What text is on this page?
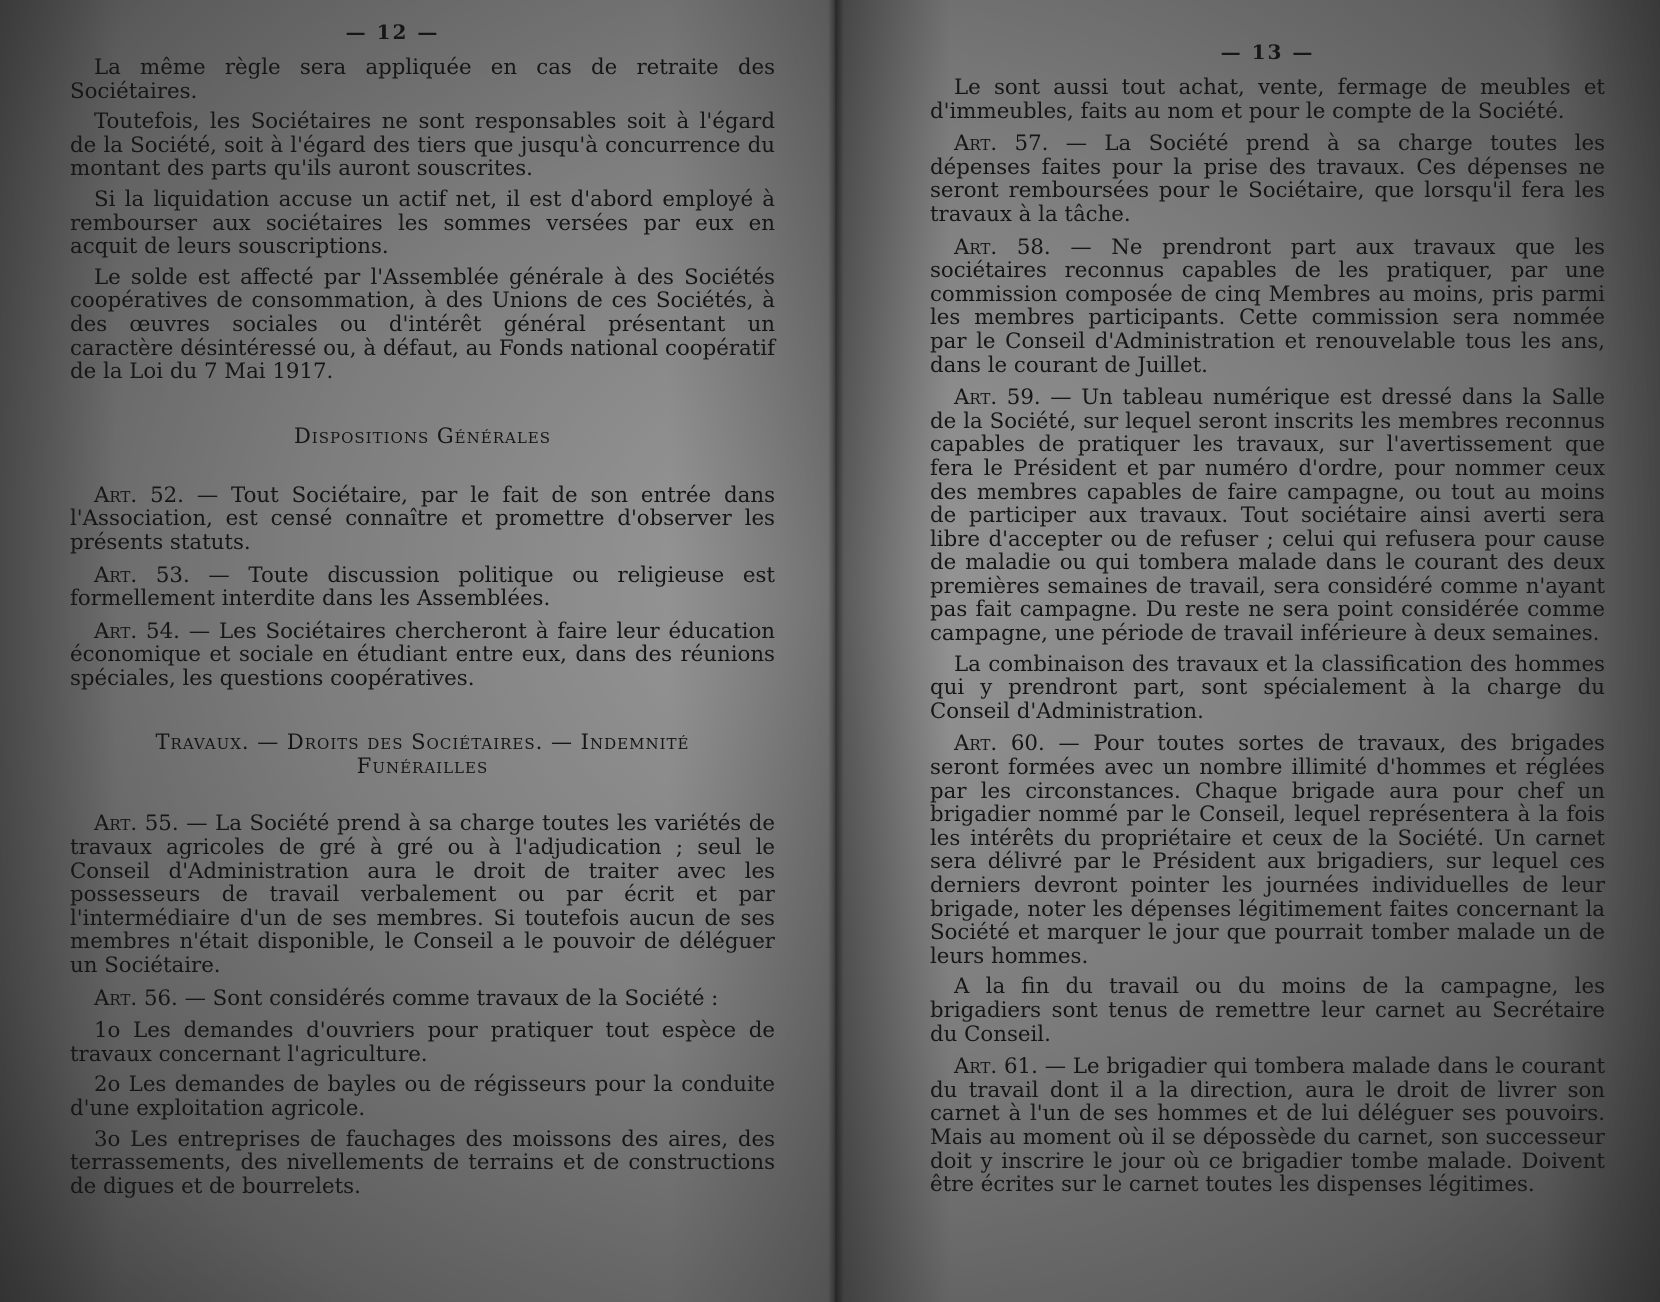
— 12 —

La même règle sera appliquée en cas de retraite des Sociétaires.

Toutefois, les Sociétaires ne sont responsables soit à l'égard de la Société, soit à l'égard des tiers que jusqu'à concurrence du montant des parts qu'ils auront souscrites.

Si la liquidation accuse un actif net, il est d'abord employé à rembourser aux sociétaires les sommes versées par eux en acquit de leurs souscriptions.

Le solde est affecté par l'Assemblée générale à des Sociétés coopératives de consommation, à des Unions de ces Sociétés, à des œuvres sociales ou d'intérêt général présentant un caractère désintéressé ou, à défaut, au Fonds national coopératif de la Loi du 7 Mai 1917.

Dispositions Générales

Art. 52. — Tout Sociétaire, par le fait de son entrée dans l'Association, est censé connaître et promettre d'observer les présents statuts.

Art. 53. — Toute discussion politique ou religieuse est formellement interdite dans les Assemblées.

Art. 54. — Les Sociétaires chercheront à faire leur éducation économique et sociale en étudiant entre eux, dans des réunions spéciales, les questions coopératives.

Travaux. — Droits des Sociétaires. — Indemnité Funérailles

Art. 55. — La Société prend à sa charge toutes les variétés de travaux agricoles de gré à gré ou à l'adjudication ; seul le Conseil d'Administration aura le droit de traiter avec les possesseurs de travail verbalement ou par écrit et par l'intermédiaire d'un de ses membres. Si toutefois aucun de ses membres n'était disponible, le Conseil a le pouvoir de déléguer un Sociétaire.

Art. 56. — Sont considérés comme travaux de la Société :

1o Les demandes d'ouvriers pour pratiquer tout espèce de travaux concernant l'agriculture.

2o Les demandes de bayles ou de régisseurs pour la conduite d'une exploitation agricole.

3o Les entreprises de fauchages des moissons des aires, des terrassements, des nivellements de terrains et de constructions de digues et de bourrelets.

— 13 —

Le sont aussi tout achat, vente, fermage de meubles et d'immeubles, faits au nom et pour le compte de la Société.

Art. 57. — La Société prend à sa charge toutes les dépenses faites pour la prise des travaux. Ces dépenses ne seront remboursées pour le Sociétaire, que lorsqu'il fera les travaux à la tâche.

Art. 58. — Ne prendront part aux travaux que les sociétaires reconnus capables de les pratiquer, par une commission composée de cinq Membres au moins, pris parmi les membres participants. Cette commission sera nommée par le Conseil d'Administration et renouvelable tous les ans, dans le courant de Juillet.

Art. 59. — Un tableau numérique est dressé dans la Salle de la Société, sur lequel seront inscrits les membres reconnus capables de pratiquer les travaux, sur l'avertissement que fera le Président et par numéro d'ordre, pour nommer ceux des membres capables de faire campagne, ou tout au moins de participer aux travaux. Tout sociétaire ainsi averti sera libre d'accepter ou de refuser ; celui qui refusera pour cause de maladie ou qui tombera malade dans le courant des deux premières semaines de travail, sera considéré comme n'ayant pas fait campagne. Du reste ne sera point considérée comme campagne, une période de travail inférieure à deux semaines.

La combinaison des travaux et la classification des hommes qui y prendront part, sont spécialement à la charge du Conseil d'Administration.

Art. 60. — Pour toutes sortes de travaux, des brigades seront formées avec un nombre illimité d'hommes et réglées par les circonstances. Chaque brigade aura pour chef un brigadier nommé par le Conseil, lequel représentera à la fois les intérêts du propriétaire et ceux de la Société. Un carnet sera délivré par le Président aux brigadiers, sur lequel ces derniers devront pointer les journées individuelles de leur brigade, noter les dépenses légitimement faites concernant la Société et marquer le jour que pourrait tomber malade un de leurs hommes.

A la fin du travail ou du moins de la campagne, les brigadiers sont tenus de remettre leur carnet au Secrétaire du Conseil.

Art. 61. — Le brigadier qui tombera malade dans le courant du travail dont il a la direction, aura le droit de livrer son carnet à l'un de ses hommes et de lui déléguer ses pouvoirs. Mais au moment où il se dépossède du carnet, son successeur doit y inscrire le jour où ce brigadier tombe malade. Doivent être écrites sur le carnet toutes les dispenses légitimes.
